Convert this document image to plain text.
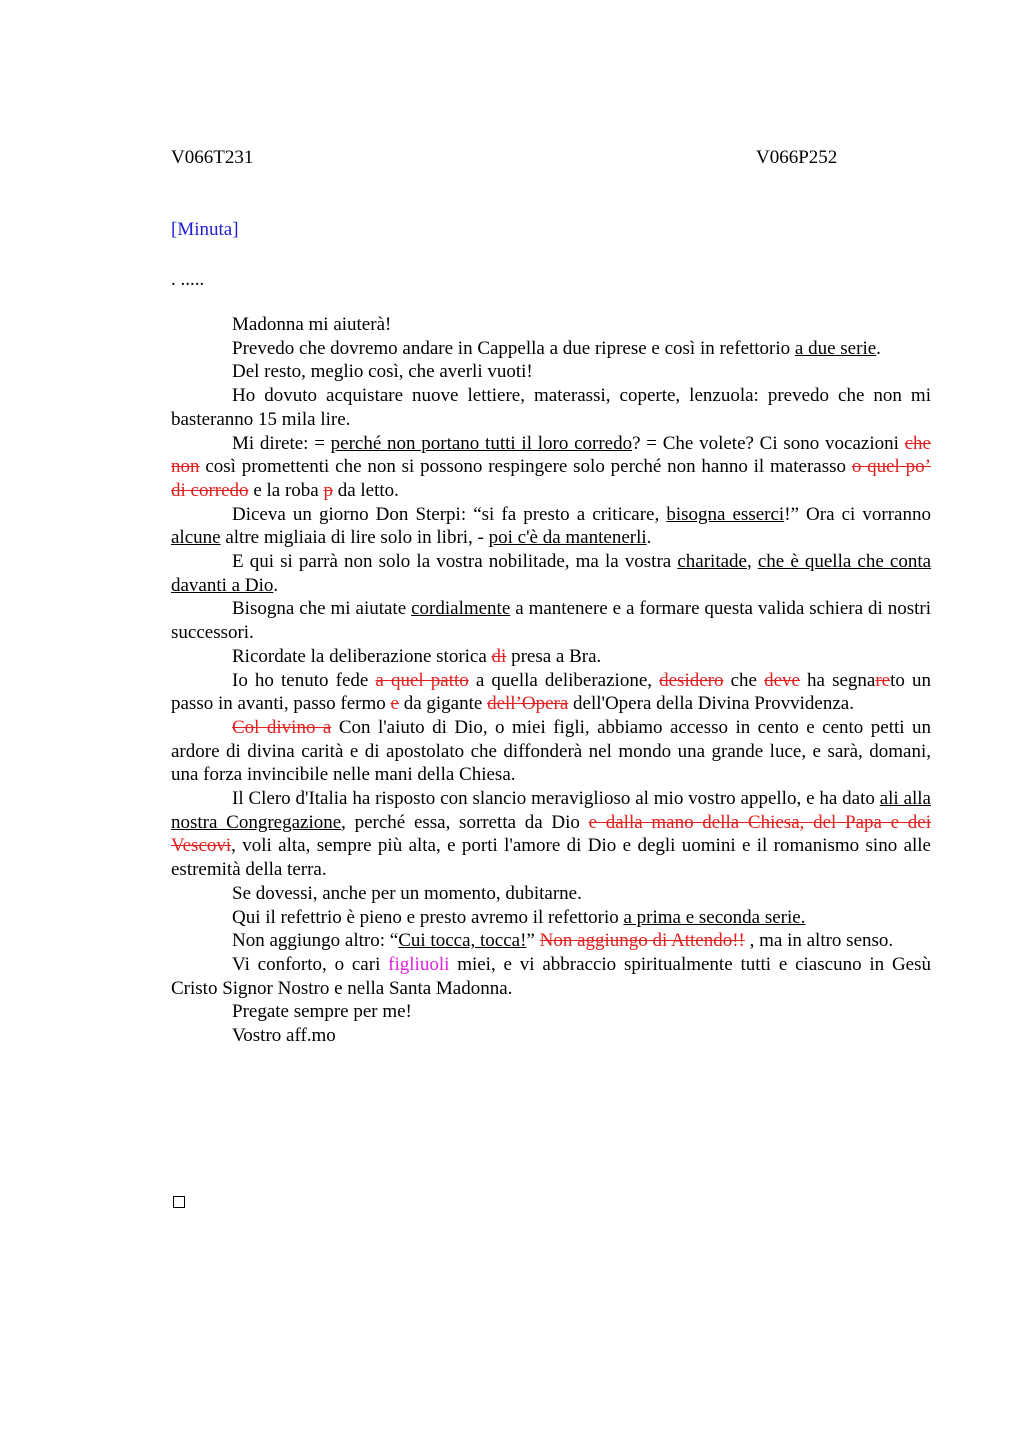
V066T231	V066P252
[Minuta]
. .....

Madonna mi aiuterà!

Prevedo che dovremo andare in Cappella a due riprese e così in refettorio a due serie.

Del resto, meglio così, che averli vuoti!

Ho dovuto acquistare nuove lettiere, materassi, coperte, lenzuola: prevedo che non mi basteranno 15 mila lire.

Mi direte: = perché non portano tutti il loro corredo? = Che volete? Ci sono vocazioni che non così promettenti che non si possono respingere solo perché non hanno il materasso o quel po’ di corredo e la roba p da letto.

Diceva un giorno Don Sterpi: “si fa presto a criticare, bisogna esserci!” Ora ci vorranno alcune altre migliaia di lire solo in libri, - poi c'è da mantenerli.

E qui si parrà non solo la vostra nobilitade, ma la vostra charitade, che è quella che conta davanti a Dio.

Bisogna che mi aiutate cordialmente a mantenere e a formare questa valida schiera di nostri successori.

Ricordate la deliberazione storica di presa a Bra.

Io ho tenuto fede a quel patto a quella deliberazione, desidero che deve ha segnareto un passo in avanti, passo fermo e da gigante dell’Opera dell'Opera della Divina Provvidenza.

Col divino a Con l'aiuto di Dio, o miei figli, abbiamo accesso in cento e cento petti un ardore di divina carità e di apostolato che diffonderà nel mondo una grande luce, e sarà, domani, una forza invincibile nelle mani della Chiesa.

Il Clero d'Italia ha risposto con slancio meraviglioso al mio vostro appello, e ha dato ali alla nostra Congregazione, perché essa, sorretta da Dio e dalla mano della Chiesa, del Papa e dei Vescovi, voli alta, sempre più alta, e porti l'amore di Dio e degli uomini e il romanismo sino alle estremità della terra.

Se dovessi, anche per un momento, dubitarne.

Qui il refettrio è pieno e presto avremo il refettorio a prima e seconda serie.

Non aggiungo altro: “Cui tocca, tocca!” Non aggiungo di Attendo!! , ma in altro senso.

Vi conforto, o cari figliuoli miei, e vi abbraccio spiritualmente tutti e ciascuno in Gesù Cristo Signor Nostro e nella Santa Madonna.

Pregate sempre per me!

Vostro aff.mo
